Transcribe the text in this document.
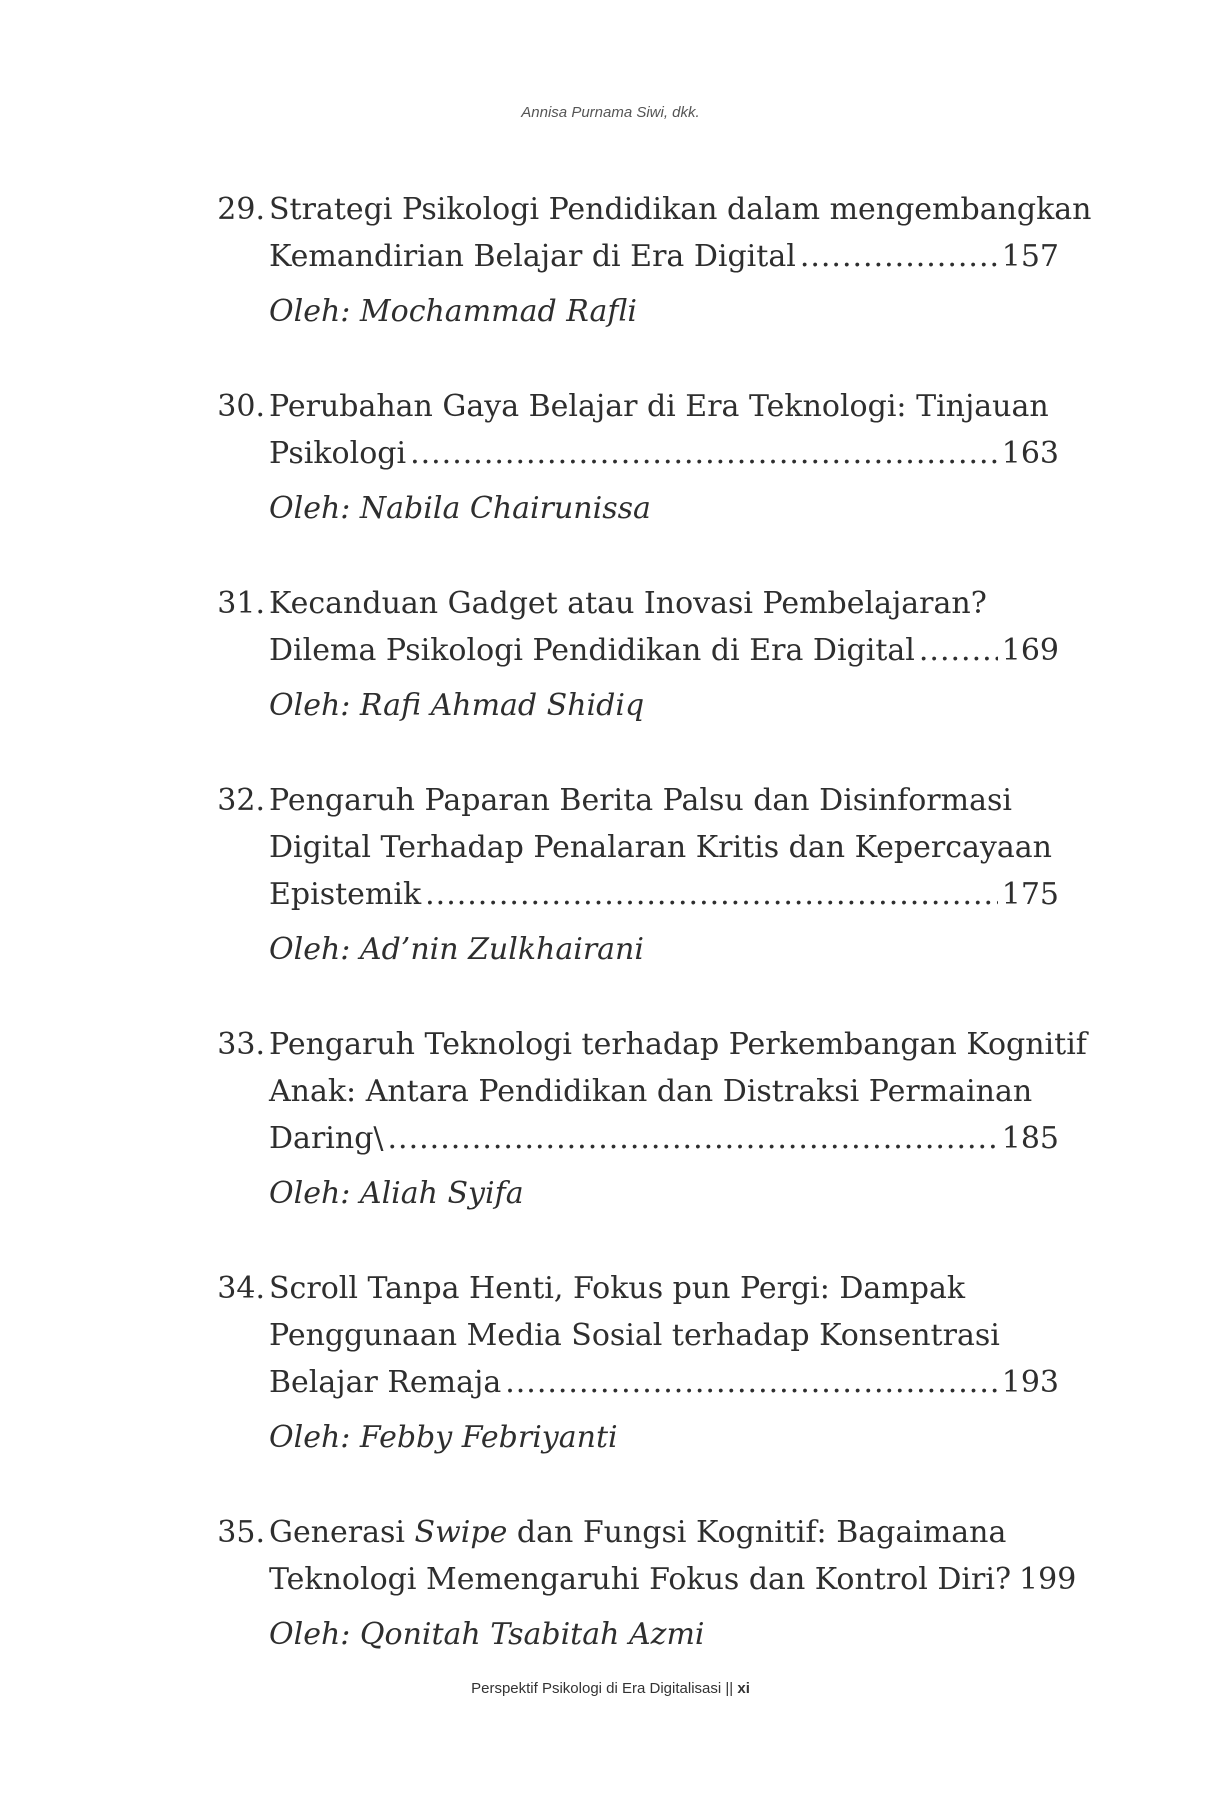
Annisa Purnama Siwi, dkk.
29. Strategi Psikologi Pendidikan dalam mengembangkan
Kemandirian Belajar di Era Digital .....	157
Oleh: Mochammad Rafli
30. Perubahan Gaya Belajar di Era Teknologi: Tinjauan
Psikologi .....	163
Oleh: Nabila Chairunissa
31. Kecanduan Gadget atau Inovasi Pembelajaran?
Dilema Psikologi Pendidikan di Era Digital .....	169
Oleh: Rafi Ahmad Shidiq
32. Pengaruh Paparan Berita Palsu dan Disinformasi
Digital Terhadap Penalaran Kritis dan Kepercayaan
Epistemik .....	175
Oleh: Ad’nin Zulkhairani
33. Pengaruh Teknologi terhadap Perkembangan Kognitif
Anak: Antara Pendidikan dan Distraksi Permainan
Daring\ .....	185
Oleh: Aliah Syifa
34. Scroll Tanpa Henti, Fokus pun Pergi: Dampak
Penggunaan Media Sosial terhadap Konsentrasi
Belajar Remaja .....	193
Oleh: Febby Febriyanti
35. Generasi Swipe dan Fungsi Kognitif: Bagaimana
Teknologi Memengaruhi Fokus dan Kontrol Diri? 199
Oleh: Qonitah Tsabitah Azmi
Perspektif Psikologi di Era Digitalisasi || xi
